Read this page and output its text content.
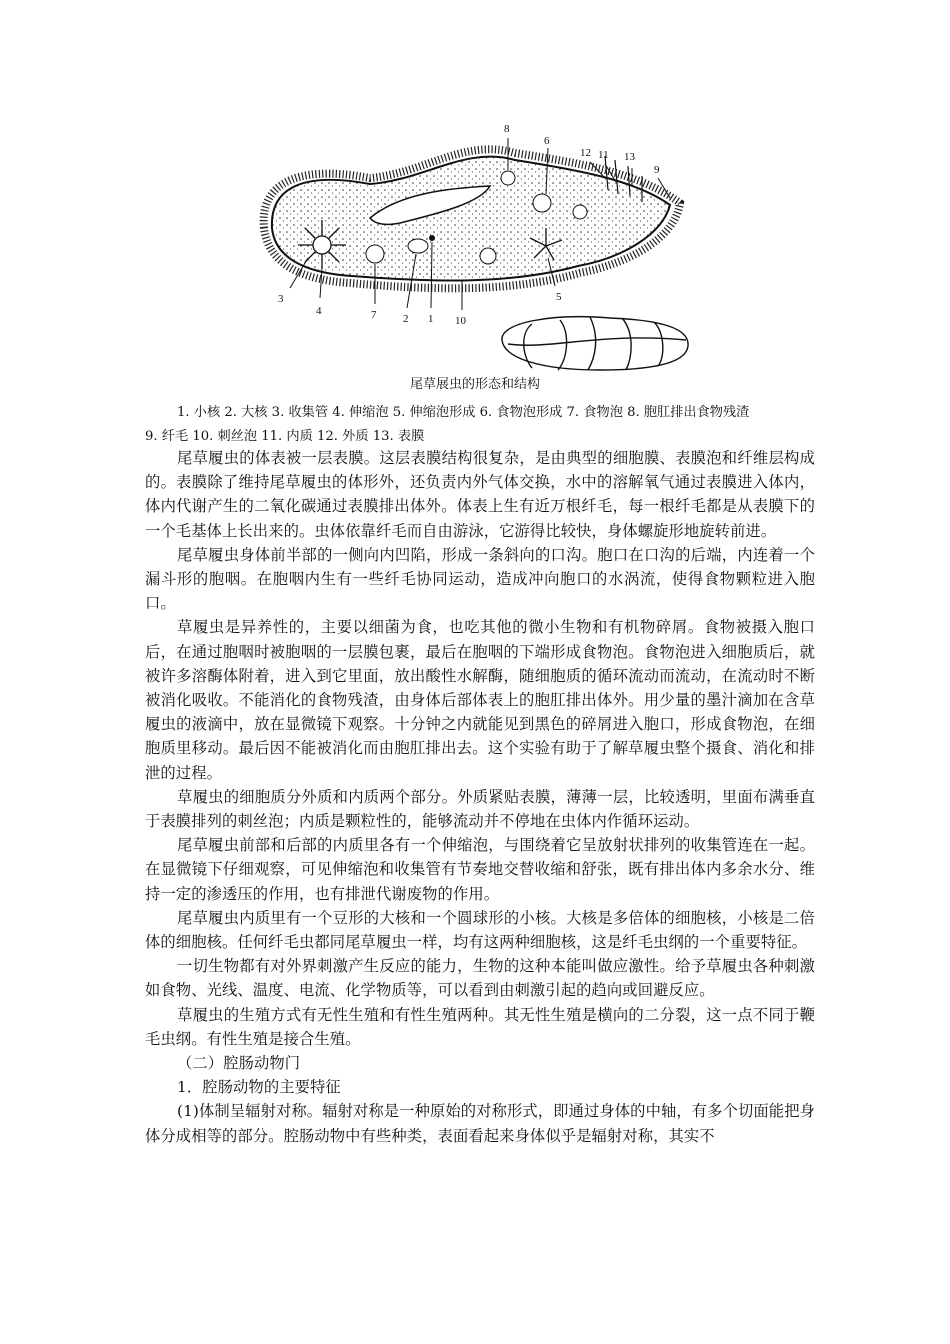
8
6
12 11 13
9
3
4	7 2 1 10
5
尾草展虫的形态和结构
1. 小核 2. 大核 3. 收集管 4. 伸缩泡 5. 伸缩泡形成 6. 食物泡形成 7. 食物泡 8. 胞肛排出食物残渣
9. 纤毛 10. 刺丝泡 11. 内质 12. 外质 13. 表膜

尾草履虫的体表被一层表膜。这层表膜结构很复杂，是由典型的细胞膜、表膜泡和纤维层构成的。表膜除了维持尾草履虫的体形外，还负责内外气体交换，水中的溶解氧气通过表膜进入体内，体内代谢产生的二氧化碳通过表膜排出体外。体表上生有近万根纤毛，每一根纤毛都是从表膜下的一个毛基体上长出来的。虫体依靠纤毛而自由游泳，它游得比较快，身体螺旋形地旋转前进。

尾草履虫身体前半部的一侧向内凹陷，形成一条斜向的口沟。胞口在口沟的后端，内连着一个漏斗形的胞咽。在胞咽内生有一些纤毛协同运动，造成冲向胞口的水涡流，使得食物颗粒进入胞口。

草履虫是异养性的，主要以细菌为食，也吃其他的微小生物和有机物碎屑。食物被摄入胞口后，在通过胞咽时被胞咽的一层膜包裹，最后在胞咽的下端形成食物泡。食物泡进入细胞质后，就被许多溶酶体附着，进入到它里面，放出酸性水解酶，随细胞质的循环流动而流动，在流动时不断被消化吸收。不能消化的食物残渣，由身体后部体表上的胞肛排出体外。用少量的墨汁滴加在含草履虫的液滴中，放在显微镜下观察。十分钟之内就能见到黑色的碎屑进入胞口，形成食物泡，在细胞质里移动。最后因不能被消化而由胞肛排出去。这个实验有助于了解草履虫整个摄食、消化和排泄的过程。

草履虫的细胞质分外质和内质两个部分。外质紧贴表膜，薄薄一层，比较透明，里面布满垂直于表膜排列的刺丝泡；内质是颗粒性的，能够流动并不停地在虫体内作循环运动。

尾草履虫前部和后部的内质里各有一个伸缩泡，与围绕着它呈放射状排列的收集管连在一起。在显微镜下仔细观察，可见伸缩泡和收集管有节奏地交替收缩和舒张，既有排出体内多余水分、维持一定的渗透压的作用，也有排泄代谢废物的作用。

尾草履虫内质里有一个豆形的大核和一个圆球形的小核。大核是多倍体的细胞核，小核是二倍体的细胞核。任何纤毛虫都同尾草履虫一样，均有这两种细胞核，这是纤毛虫纲的一个重要特征。

一切生物都有对外界刺激产生反应的能力，生物的这种本能叫做应激性。给予草履虫各种刺激如食物、光线、温度、电流、化学物质等，可以看到由刺激引起的趋向或回避反应。

草履虫的生殖方式有无性生殖和有性生殖两种。其无性生殖是横向的二分裂，这一点不同于鞭毛虫纲。有性生殖是接合生殖。

（二）腔肠动物门

1．腔肠动物的主要特征

(1)体制呈辐射对称。辐射对称是一种原始的对称形式，即通过身体的中轴，有多个切面能把身体分成相等的部分。腔肠动物中有些种类，表面看起来身体似乎是辐射对称，其实不
